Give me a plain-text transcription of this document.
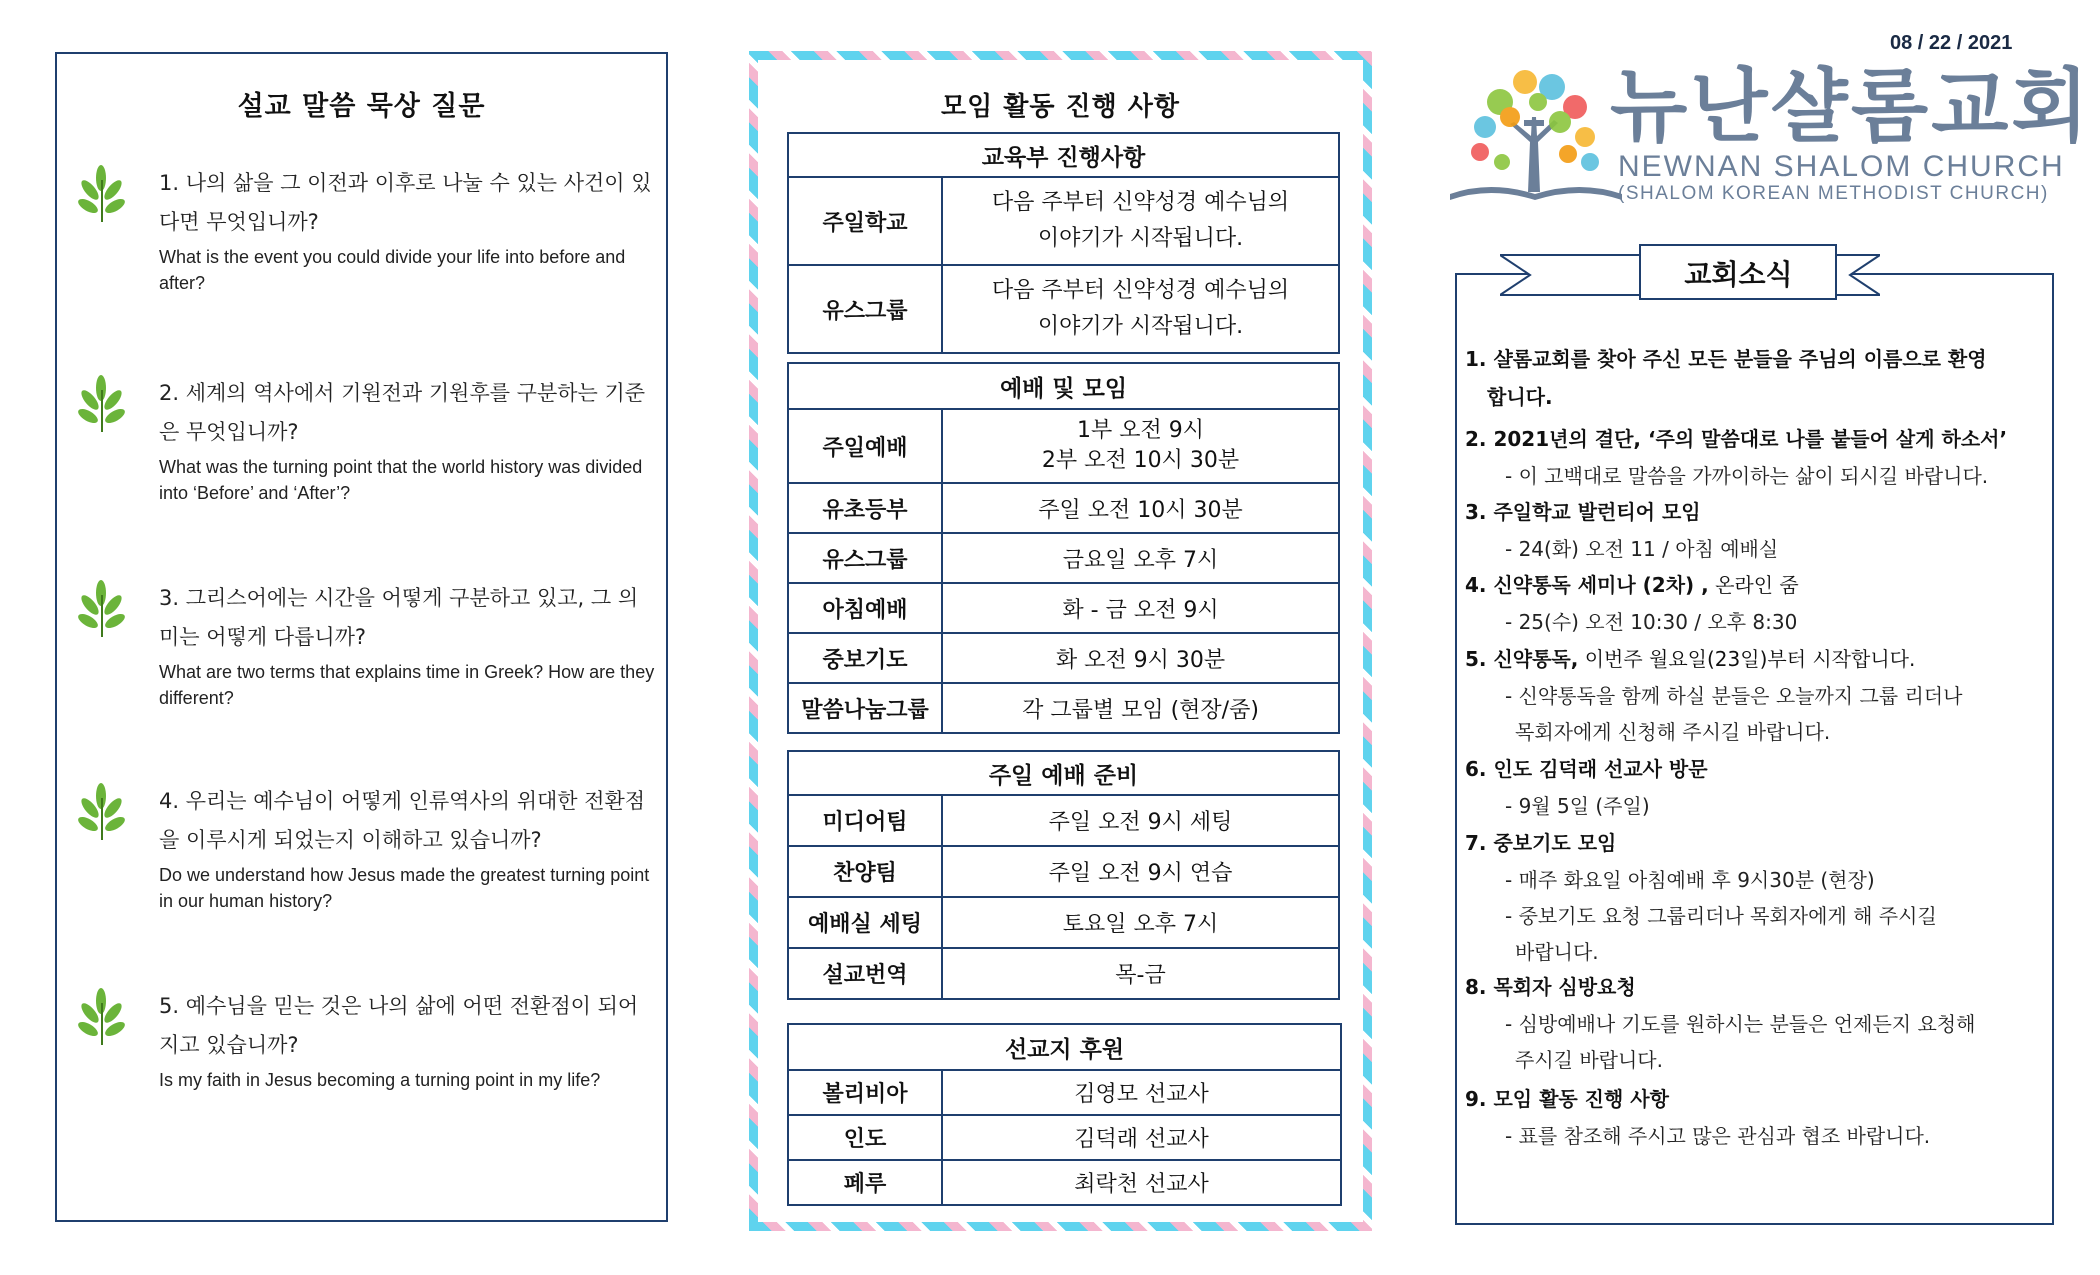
설교 말씀 묵상 질문
1. 나의 삶을 그 이전과 이후로 나눌 수 있는 사건이 있다면 무엇입니까?
What is the event you could divide your life into before and after?
2. 세계의 역사에서 기원전과 기원후를 구분하는 기준은 무엇입니까?
What was the turning point that the world history was divided into ‘Before’ and ‘After’?
3. 그리스어에는 시간을 어떻게 구분하고 있고, 그 의미는 어떻게 다릅니까?
What are two terms that explains time in Greek? How are they different?
4. 우리는 예수님이 어떻게 인류역사의 위대한 전환점을 이루시게 되었는지 이해하고 있습니까?
Do we understand how Jesus made the greatest turning point in our human history?
5. 예수님을 믿는 것은 나의 삶에 어떤 전환점이 되어지고 있습니까?
Is my faith in Jesus becoming a turning point in my life?
모임 활동 진행 사항
교육부 진행사항	
주일학교	다음 주부터 신약성경 예수님의
이야기가 시작됩니다.

유스그룹	다음 주부터 신약성경 예수님의
이야기가 시작됩니다.
예배 및 모임	
주일예배	1부 오전 9시
2부 오전 10시 30분

유초등부	주일 오전 10시 30분
유스그룹	금요일 오후 7시
아침예배	화 - 금 오전 9시
중보기도	화 오전 9시 30분
말씀나눔그룹	각 그룹별 모임 (현장/줌)
주일 예배 준비	
미디어팀	주일 오전 9시 세팅
찬양팀	주일 오전 9시 연습
예배실 세팅	토요일 오후 7시
설교번역	목-금
선교지 후원	
볼리비아	김영모 선교사
인도	김덕래 선교사
페루	최락천 선교사
08 / 22 / 2021
뉴난샬롬교회
NEWNAN SHALOM CHURCH
(SHALOM KOREAN METHODIST CHURCH)
교회소식
1. 샬롬교회를 찾아 주신 모든 분들을 주님의 이름으로 환영
합니다.
2. 2021년의 결단, ‘주의 말씀대로 나를 붙들어 살게 하소서’
- 이 고백대로 말씀을 가까이하는 삶이 되시길 바랍니다.
3. 주일학교 발런티어 모임
- 24(화) 오전 11 / 아침 예배실
4. 신약통독 세미나 (2차) , 온라인 줌
- 25(수) 오전 10:30 / 오후 8:30
5. 신약통독, 이번주 월요일(23일)부터 시작합니다.
- 신약통독을 함께 하실 분들은 오늘까지 그룹 리더나
목회자에게 신청해 주시길 바랍니다.
6. 인도 김덕래 선교사 방문
- 9월 5일 (주일)
7. 중보기도 모임
- 매주 화요일 아침예배 후 9시30분 (현장)
- 중보기도 요청 그룹리더나 목회자에게 해 주시길
바랍니다.
8. 목회자 심방요청
- 심방예배나 기도를 원하시는 분들은 언제든지 요청해
주시길 바랍니다.
9. 모임 활동 진행 사항
- 표를 참조해 주시고 많은 관심과 협조 바랍니다.
